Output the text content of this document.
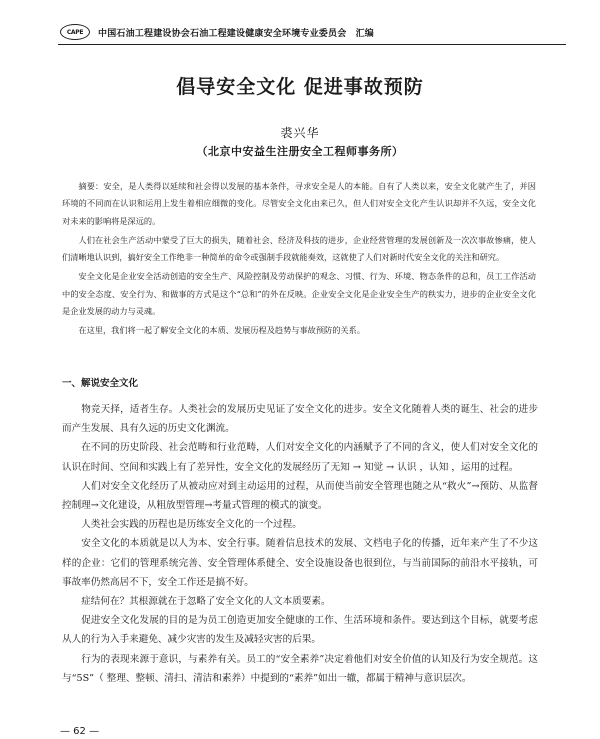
CAPE	中国石油工程建设协会石油工程建设健康安全环境专业委员会　汇编
倡导安全文化 促进事故预防
裘兴华
（北京中安益生注册安全工程师事务所）

摘要：安全，是人类得以延续和社会得以发展的基本条件，寻求安全是人的本能。自有了人类以来，安全文化就产生了，并因环境的不同而在认识和运用上发生着相应细微的变化。尽管安全文化由来已久，但人们对安全文化产生认识却并不久远，安全文化对未来的影响将是深远的。

人们在社会生产活动中蒙受了巨大的损失，随着社会、经济及科技的进步，企业经营管理的发展创新及一次次事故惨痛，使人们清晰地认识到，搞好安全工作绝非一种简单的命令或强制手段就能奏效，这就使了人们对新时代安全文化的关注和研究。

安全文化是企业安全活动创造的安全生产、风险控制及劳动保护的观念、习惯、行为、环境、物态条件的总和，员工工作活动中的安全态度、安全行为、和做事的方式是这个“总和”的外在反映。企业安全文化是企业安全生产的秩实力，进步的企业安全文化是企业发展的动力与灵魂。

在这里，我们将一起了解安全文化的本质、发展历程及趋势与事故预防的关系。

一、解说安全文化

物竞天择，适者生存。人类社会的发展历史见证了安全文化的进步。安全文化随着人类的诞生、社会的进步而产生发展、具有久远的历史文化渊流。

在不同的历史阶段、社会范畴和行业范畴，人们对安全文化的内涵赋予了不同的含义，使人们对安全文化的认识在时间、空间和实践上有了差异性，安全文化的发展经历了无知 → 知觉 → 认识 ，认知 ，运用的过程。

人们对安全文化经历了从被动应对到主动运用的过程，从而使当前安全管理也随之从“救火”→预防、从监督控制理→文化建设，从粗放型管理→考量式管理的模式的演变。

人类社会实践的历程也是历练安全文化的一个过程。

安全文化的本质就是以人为本、安全行事。随着信息技术的发展、文档电子化的传播，近年来产生了不少这样的企业：它们的管理系统完善、安全管理体系健全、安全设施设备也很到位，与当前国际的前沿水平接轨，可事故率仍然高居不下，安全工作还是搞不好。

症结何在？其根源就在于忽略了安全文化的人文本质要素。

促进安全文化发展的目的是为员工创造更加安全健康的工作、生活环境和条件。要达到这个目标，就要考虑从人的行为入手来避免、减少灾害的发生及减轻灾害的后果。

行为的表现来源于意识，与素养有关。员工的“安全素养”决定着他们对安全价值的认知及行为安全规范。这与“5S”（ 整理、整顿、清扫、清洁和素养）中提到的“素养”如出一辙，都属于精神与意识层次。

— 62 —
